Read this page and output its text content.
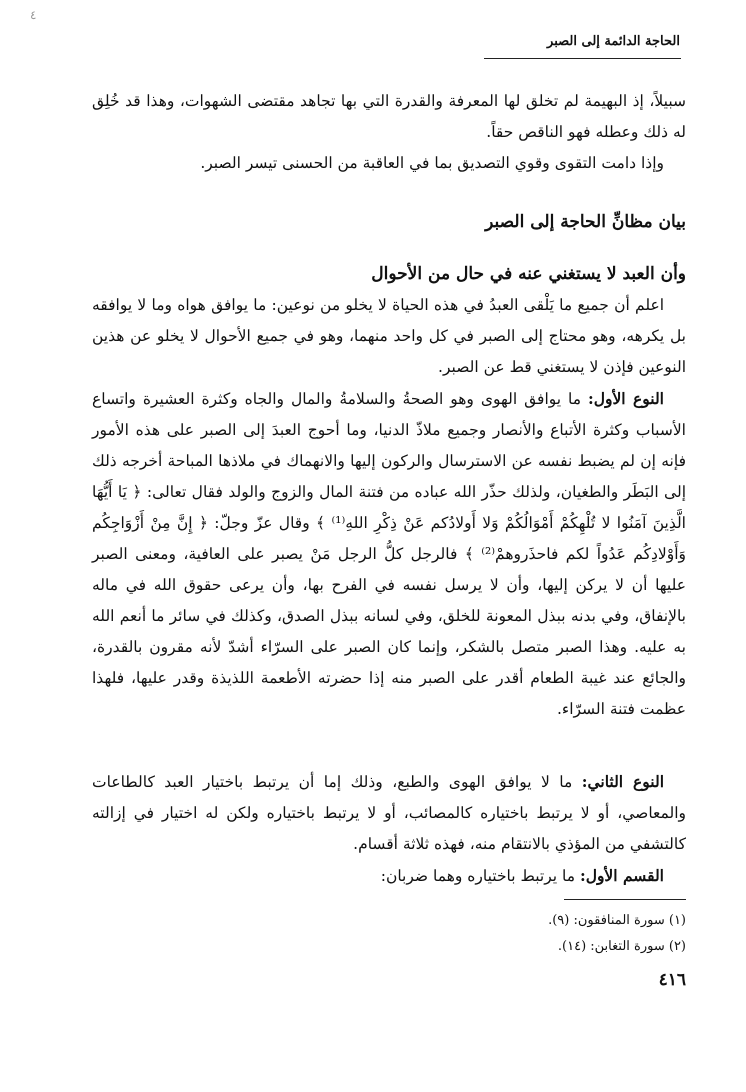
٤
الحاجة الدائمة إلى الصبر

سبيلاً، إذ البهيمة لم تخلق لها المعرفة والقدرة التي بها تجاهد مقتضى الشهوات، وهذا قد خُلِق له ذلك وعطله فهو الناقص حقاً.

وإذا دامت التقوى وقوي التصديق بما في العاقبة من الحسنى تيسر الصبر.

بيان مظانِّ الحاجة إلى الصبر
وأن العبد لا يستغني عنه في حال من الأحوال

اعلم أن جميع ما يَلْقى العبدُ في هذه الحياة لا يخلو من نوعين: ما يوافق هواه وما لا يوافقه بل يكرهه، وهو محتاج إلى الصبر في كل واحد منهما، وهو في جميع الأحوال لا يخلو عن هذين النوعين فإذن لا يستغني قط عن الصبر.

النوع الأول: ما يوافق الهوى وهو الصحةُ والسلامةُ والمال والجاه وكثرة العشيرة واتساع الأسباب وكثرة الأتباع والأنصار وجميع ملاذّ الدنيا، وما أحوج العبدَ إلى الصبر على هذه الأمور فإنه إن لم يضبط نفسه عن الاسترسال والركون إليها والانهماك في ملاذها المباحة أخرجه ذلك إلى البَطَر والطغيان، ولذلك حذّر الله عباده من فتنة المال والزوج والولد فقال تعالى: ﴿ يَا أَيُّهَا الَّذِينَ آمَنُوا لا تُلْهِكُمْ أَمْوَالُكُمْ وَلا أَولادُكم عَنْ ذِكْرِ اللهِ⁽¹⁾ ﴾ وقال عزّ وجلّ: ﴿ إِنَّ مِنْ أَزْوَاجِكُم وَأَوْلادِكُم عَدُواً لكم فاحذَروهمْ⁽²⁾ ﴾ فالرجل كلُّ الرجل مَنْ يصبر على العافية، ومعنى الصبر عليها أن لا يركن إليها، وأن لا يرسل نفسه في الفرح بها، وأن يرعى حقوق الله في ماله بالإنفاق، وفي بدنه ببذل المعونة للخلق، وفي لسانه ببذل الصدق، وكذلك في سائر ما أنعم الله به عليه. وهذا الصبر متصل بالشكر، وإنما كان الصبر على السرّاء أشدّ لأنه مقرون بالقدرة، والجائع عند غيبة الطعام أقدر على الصبر منه إذا حضرته الأطعمة اللذيذة وقدر عليها، فلهذا عظمت فتنة السرّاء.

النوع الثاني: ما لا يوافق الهوى والطبع، وذلك إما أن يرتبط باختيار العبد كالطاعات والمعاصي، أو لا يرتبط باختياره كالمصائب، أو لا يرتبط باختياره ولكن له اختيار في إزالته كالتشفي من المؤذي بالانتقام منه، فهذه ثلاثة أقسام.

القسم الأول: ما يرتبط باختياره وهما ضربان:

(١) سورة المنافقون: (٩).
(٢) سورة التغابن: (١٤).
٤١٦
